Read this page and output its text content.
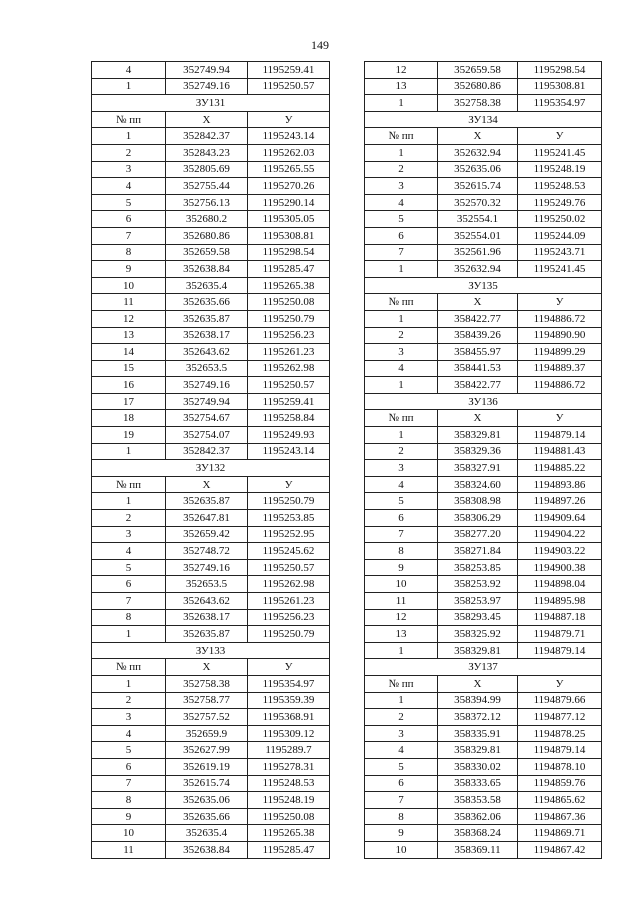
149
4	352749.94	1195259.41
1	352749.16	1195250.57
ЗУ131		
№ пп	X	У
1	352842.37	1195243.14
2	352843.23	1195262.03
3	352805.69	1195265.55
4	352755.44	1195270.26
5	352756.13	1195290.14
6	352680.2	1195305.05
7	352680.86	1195308.81
8	352659.58	1195298.54
9	352638.84	1195285.47
10	352635.4	1195265.38
11	352635.66	1195250.08
12	352635.87	1195250.79
13	352638.17	1195256.23
14	352643.62	1195261.23
15	352653.5	1195262.98
16	352749.16	1195250.57
17	352749.94	1195259.41
18	352754.67	1195258.84
19	352754.07	1195249.93
1	352842.37	1195243.14
ЗУ132		
№ пп	X	У
1	352635.87	1195250.79
2	352647.81	1195253.85
3	352659.42	1195252.95
4	352748.72	1195245.62
5	352749.16	1195250.57
6	352653.5	1195262.98
7	352643.62	1195261.23
8	352638.17	1195256.23
1	352635.87	1195250.79
ЗУ133		
№ пп	X	У
1	352758.38	1195354.97
2	352758.77	1195359.39
3	352757.52	1195368.91
4	352659.9	1195309.12
5	352627.99	1195289.7
6	352619.19	1195278.31
7	352615.74	1195248.53
8	352635.06	1195248.19
9	352635.66	1195250.08
10	352635.4	1195265.38
11	352638.84	1195285.47
12	352659.58	1195298.54
13	352680.86	1195308.81
1	352758.38	1195354.97
ЗУ134		
№ пп	X	У
1	352632.94	1195241.45
2	352635.06	1195248.19
3	352615.74	1195248.53
4	352570.32	1195249.76
5	352554.1	1195250.02
6	352554.01	1195244.09
7	352561.96	1195243.71
1	352632.94	1195241.45
ЗУ135		
№ пп	X	У
1	358422.77	1194886.72
2	358439.26	1194890.90
3	358455.97	1194899.29
4	358441.53	1194889.37
1	358422.77	1194886.72
ЗУ136		
№ пп	X	У
1	358329.81	1194879.14
2	358329.36	1194881.43
3	358327.91	1194885.22
4	358324.60	1194893.86
5	358308.98	1194897.26
6	358306.29	1194909.64
7	358277.20	1194904.22
8	358271.84	1194903.22
9	358253.85	1194900.38
10	358253.92	1194898.04
11	358253.97	1194895.98
12	358293.45	1194887.18
13	358325.92	1194879.71
1	358329.81	1194879.14
ЗУ137		
№ пп	X	У
1	358394.99	1194879.66
2	358372.12	1194877.12
3	358335.91	1194878.25
4	358329.81	1194879.14
5	358330.02	1194878.10
6	358333.65	1194859.76
7	358353.58	1194865.62
8	358362.06	1194867.36
9	358368.24	1194869.71
10	358369.11	1194867.42
